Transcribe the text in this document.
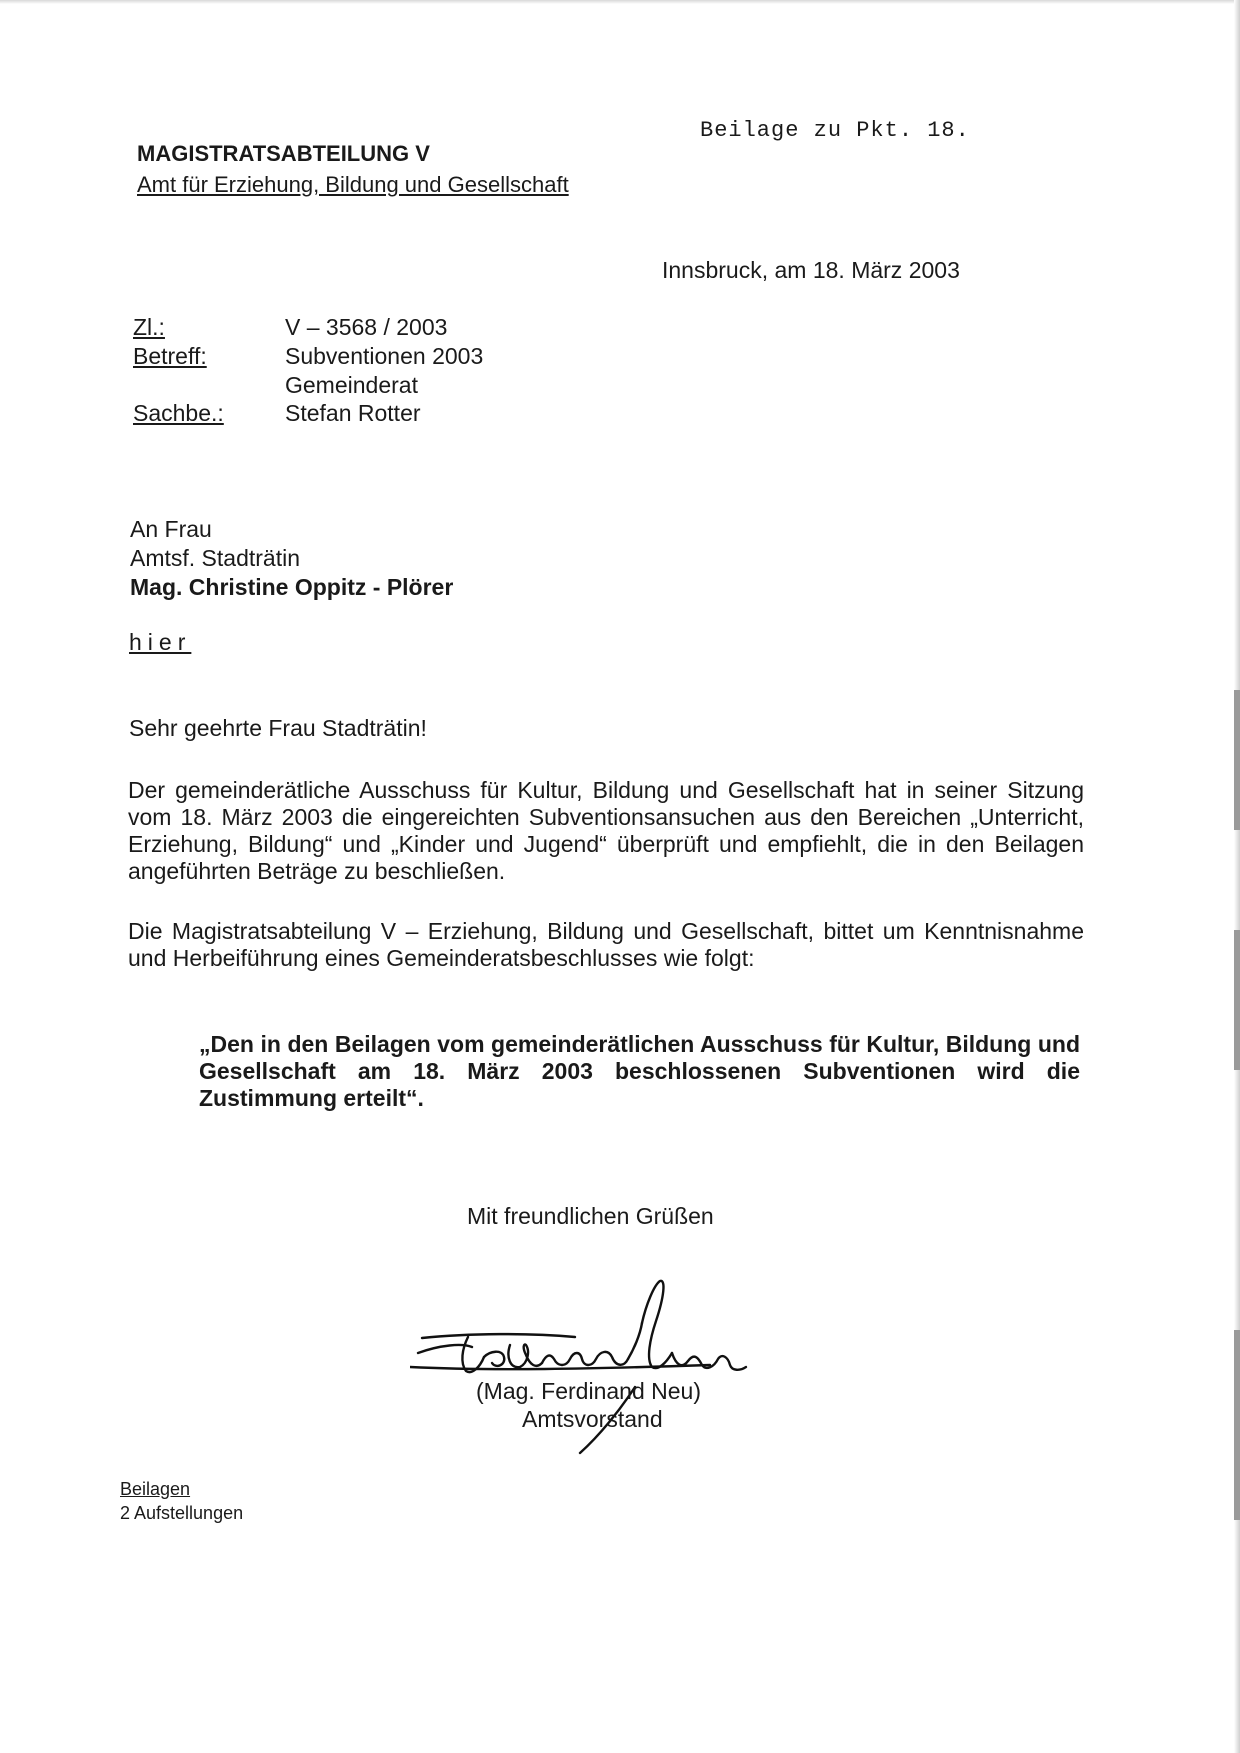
Beilage zu Pkt. 18.
MAGISTRATSABTEILUNG V
Amt für Erziehung, Bildung und Gesellschaft
Innsbruck, am 18. März 2003
Zl.:	V – 3568 / 2003
Betreff:	Subventionen 2003
Gemeinderat
Sachbe.:	Stefan Rotter
An Frau
Amtsf. Stadträtin
Mag. Christine Oppitz - Plörer
hier
Sehr geehrte Frau Stadträtin!

Der gemeinderätliche Ausschuss für Kultur, Bildung und Gesellschaft hat in seiner Sitzung vom 18. März 2003 die eingereichten Subventionsansuchen aus den Bereichen „Unterricht, Erziehung, Bildung“ und „Kinder und Jugend“ überprüft und empfiehlt, die in den Beilagen angeführten Beträge zu beschließen.

Die Magistratsabteilung V – Erziehung, Bildung und Gesellschaft, bittet um Kenntnisnahme und Herbeiführung eines Gemeinderatsbeschlusses wie folgt:

„Den in den Beilagen vom gemeinderätlichen Ausschuss für Kultur, Bildung und Gesellschaft am 18. März 2003 beschlossenen Subventionen wird die Zustimmung erteilt“.

Mit freundlichen Grüßen
(Mag. Ferdinand Neu)
Amtsvorstand
Beilagen
2 Aufstellungen
